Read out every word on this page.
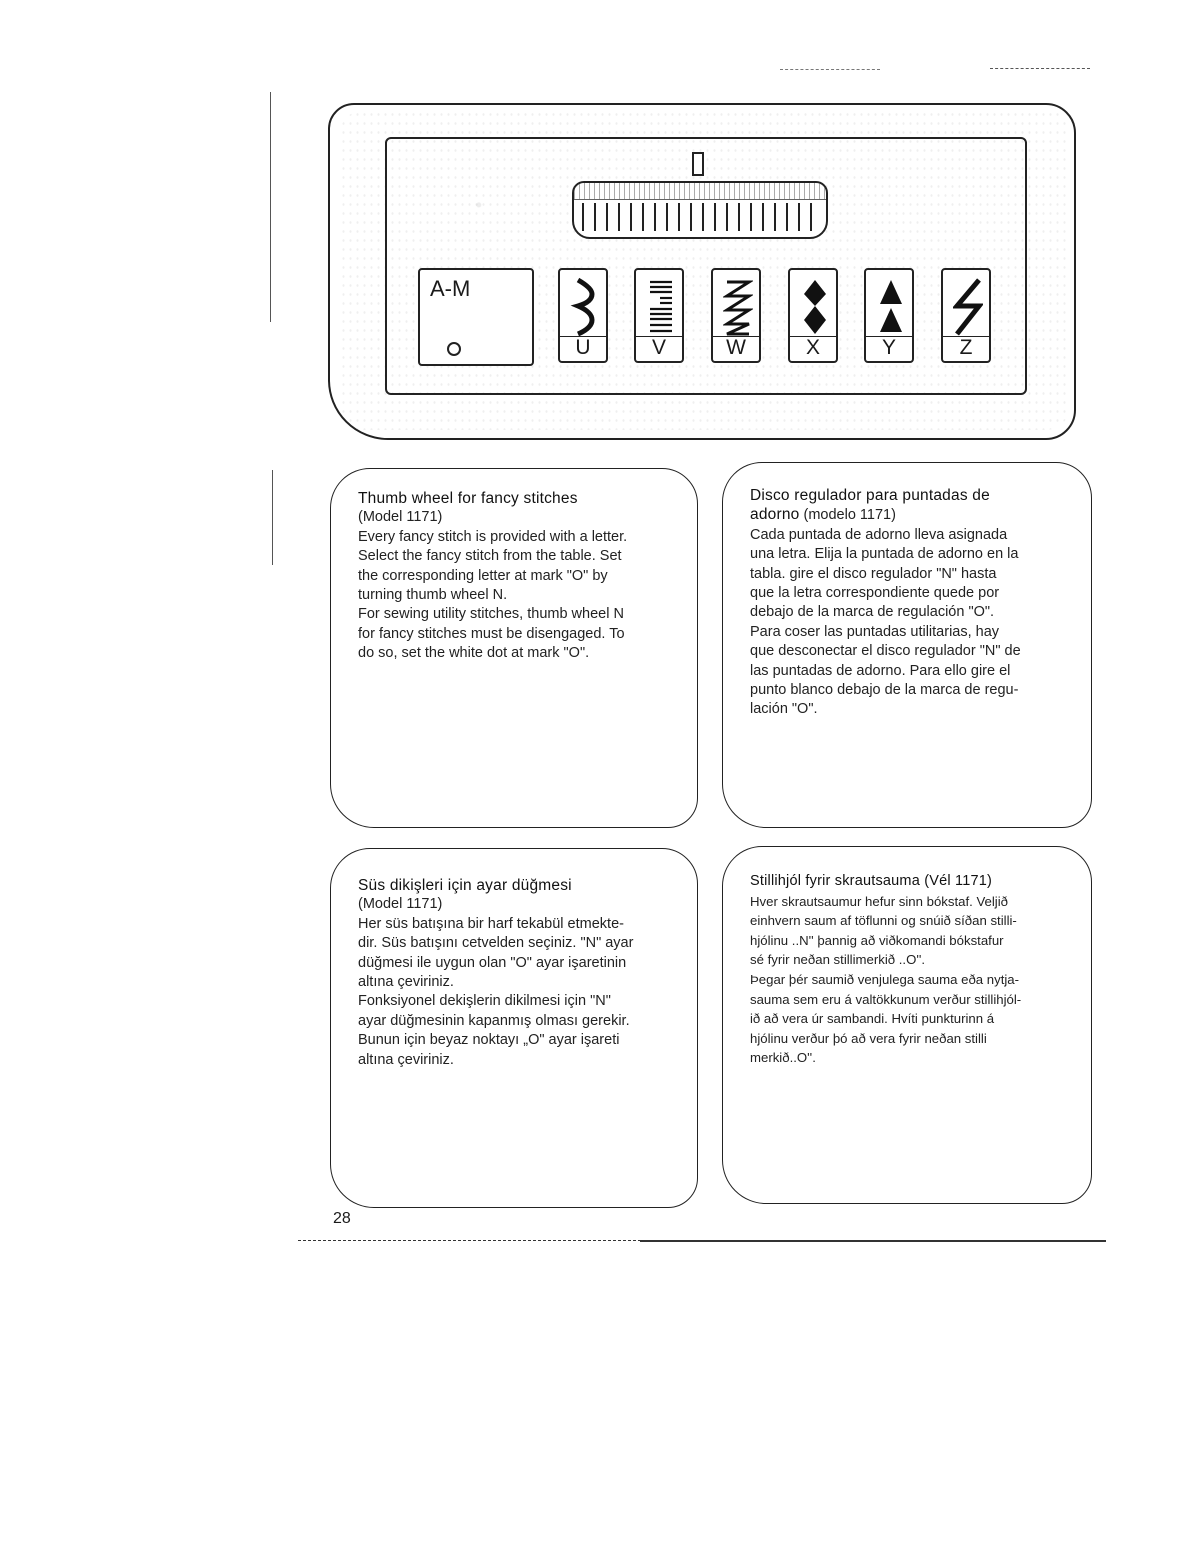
A-M
U	V	W	X	Y	Z
Thumb wheel for fancy stitches
(Model 1171)

Every fancy stitch is provided with a letter.
Select the fancy stitch from the table. Set
the corresponding letter at mark "O" by
turning thumb wheel N.
For sewing utility stitches, thumb wheel N
for fancy stitches must be disengaged. To
do so, set the white dot at mark "O".

Disco regulador para puntadas de
adorno (modelo 1171)

Cada puntada de adorno lleva asignada
una letra. Elija la puntada de adorno en la
tabla. gire el disco regulador "N" hasta
que la letra correspondiente quede por
debajo de la marca de regulación "O".
Para coser las puntadas utilitarias, hay
que desconectar el disco regulador "N" de
las puntadas de adorno. Para ello gire el
punto blanco debajo de la marca de regu-
lación "O".

Süs dikişleri için ayar düğmesi
(Model 1171)

Her süs batışına bir harf tekabül etmekte-
dir. Süs batışını cetvelden seçiniz. "N" ayar
düğmesi ile uygun olan "O" ayar işaretinin
altına çeviriniz.
Fonksiyonel dekişlerin dikilmesi için "N"
ayar düğmesinin kapanmış olması gerekir.
Bunun için beyaz noktayı „O" ayar işareti
altına çeviriniz.

Stillihjól fyrir skrautsauma (Vél 1171)

Hver skrautsaumur hefur sinn bókstaf. Veljið
einhvern saum af töflunni og snúið síðan stilli-
hjólinu ..N'' þannig að viðkomandi bókstafur
sé fyrir neðan stillimerkið ..O''.
Þegar þér saumið venjulega sauma eða nytja-
sauma sem eru á valtökkunum verður stillihjól-
ið að vera úr sambandi. Hvíti punkturinn á
hjólinu verður þó að vera fyrir neðan stilli
merkið..O''.

28
